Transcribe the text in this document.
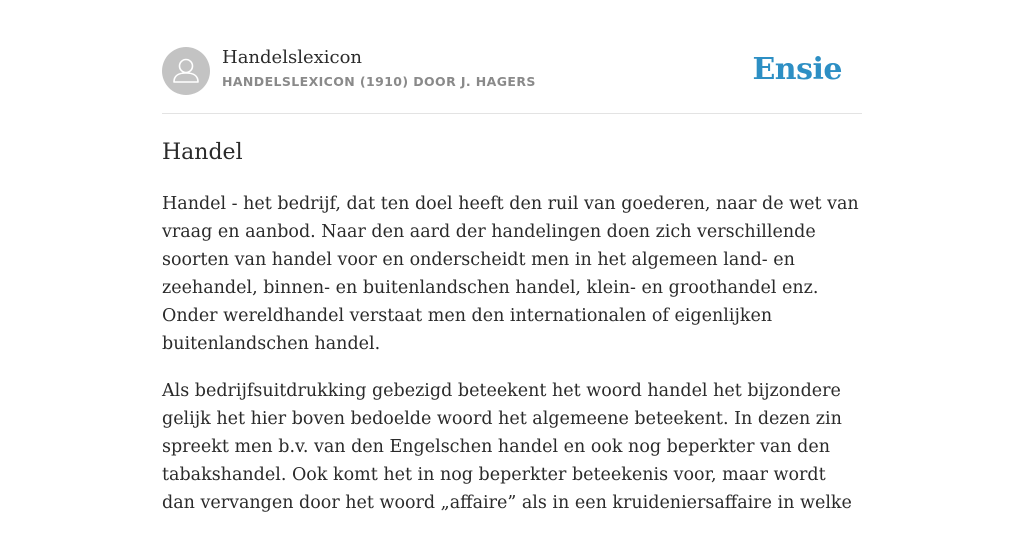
Handelslexicon
HANDELSLEXICON (1910) DOOR J. HAGERS	Ensie
Handel

Handel - het bedrijf, dat ten doel heeft den ruil van goederen, naar de wet van vraag en aanbod. Naar den aard der handelingen doen zich verschillende soorten van handel voor en onderscheidt men in het algemeen land- en zeehandel, binnen- en buitenlandschen handel, klein- en groothandel enz. Onder wereldhandel verstaat men den internationalen of eigenlijken buitenlandschen handel.

Als bedrijfsuitdrukking gebezigd beteekent het woord handel het bijzondere gelijk het hier boven bedoelde woord het algemeene beteekent. In dezen zin spreekt men b.v. van den Engelschen handel en ook nog beperkter van den tabakshandel. Ook komt het in nog beperkter beteekenis voor, maar wordt dan vervangen door het woord „affaire” als in een kruideniersaffaire in welke
